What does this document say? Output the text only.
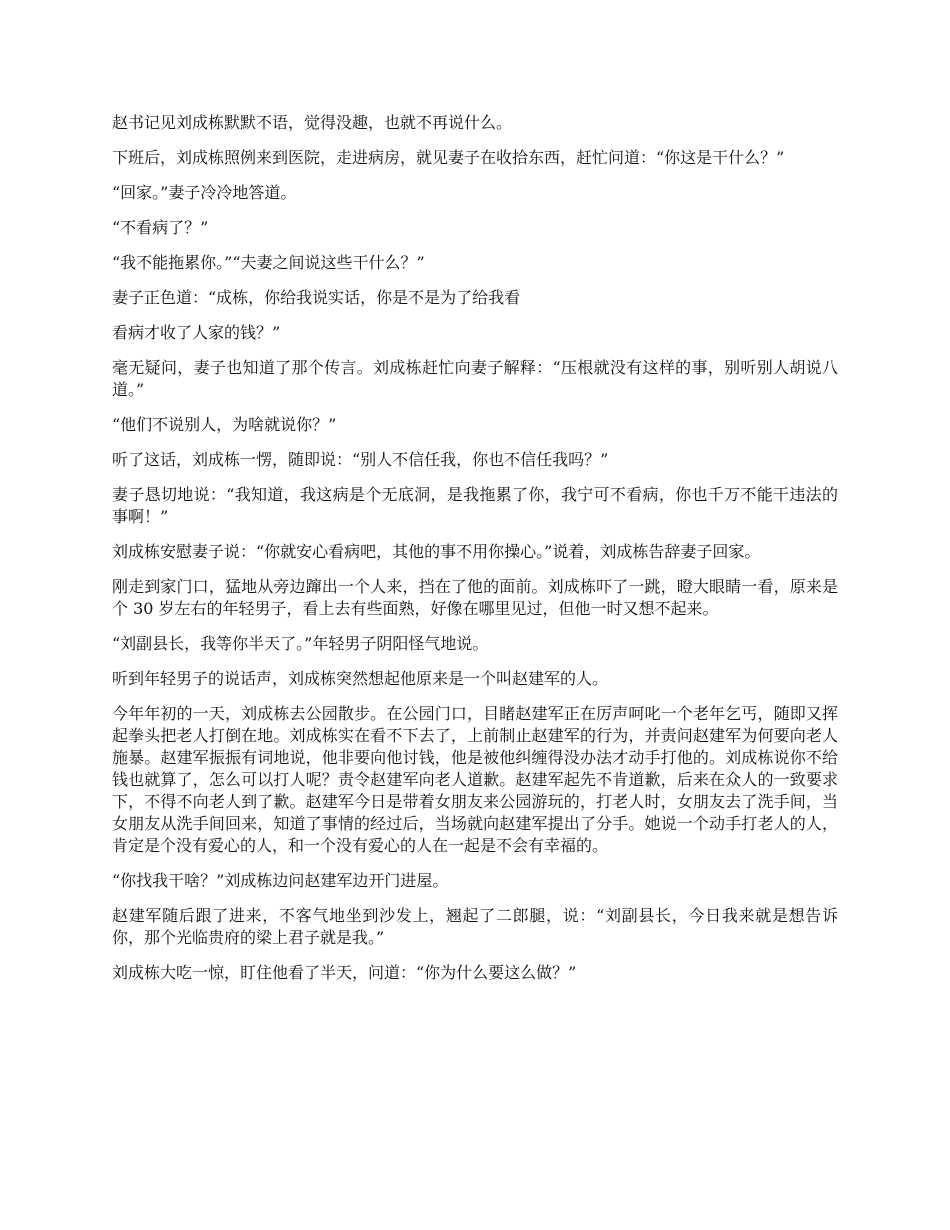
赵书记见刘成栋默默不语，觉得没趣，也就不再说什么。

下班后，刘成栋照例来到医院，走进病房，就见妻子在收拾东西，赶忙问道：“你这是干什么？”

“回家。”妻子冷冷地答道。

“不看病了？”

“我不能拖累你。”“夫妻之间说这些干什么？”

妻子正色道：“成栋，你给我说实话，你是不是为了给我看

看病才收了人家的钱？”

毫无疑问，妻子也知道了那个传言。刘成栋赶忙向妻子解释：“压根就没有这样的事，别听别人胡说八道。”

“他们不说别人，为啥就说你？”

听了这话，刘成栋一愣，随即说：“别人不信任我，你也不信任我吗？”

妻子恳切地说：“我知道，我这病是个无底洞，是我拖累了你，我宁可不看病，你也千万不能干违法的事啊！”

刘成栋安慰妻子说：“你就安心看病吧，其他的事不用你操心。”说着，刘成栋告辞妻子回家。

刚走到家门口，猛地从旁边蹿出一个人来，挡在了他的面前。刘成栋吓了一跳，瞪大眼睛一看，原来是个 30 岁左右的年轻男子，看上去有些面熟，好像在哪里见过，但他一时又想不起来。

“刘副县长，我等你半天了。”年轻男子阴阳怪气地说。

听到年轻男子的说话声，刘成栋突然想起他原来是一个叫赵建军的人。

今年年初的一天，刘成栋去公园散步。在公园门口，目睹赵建军正在厉声呵叱一个老年乞丐，随即又挥起拳头把老人打倒在地。刘成栋实在看不下去了，上前制止赵建军的行为，并责问赵建军为何要向老人施暴。赵建军振振有词地说，他非要向他讨钱，他是被他纠缠得没办法才动手打他的。刘成栋说你不给钱也就算了，怎么可以打人呢？责令赵建军向老人道歉。赵建军起先不肯道歉，后来在众人的一致要求下，不得不向老人到了歉。赵建军今日是带着女朋友来公园游玩的，打老人时，女朋友去了洗手间，当女朋友从洗手间回来，知道了事情的经过后，当场就向赵建军提出了分手。她说一个动手打老人的人，肯定是个没有爱心的人，和一个没有爱心的人在一起是不会有幸福的。

“你找我干啥？”刘成栋边问赵建军边开门进屋。

赵建军随后跟了进来，不客气地坐到沙发上，翘起了二郎腿，说：“刘副县长，今日我来就是想告诉你，那个光临贵府的梁上君子就是我。”

刘成栋大吃一惊，盯住他看了半天，问道：“你为什么要这么做？”
